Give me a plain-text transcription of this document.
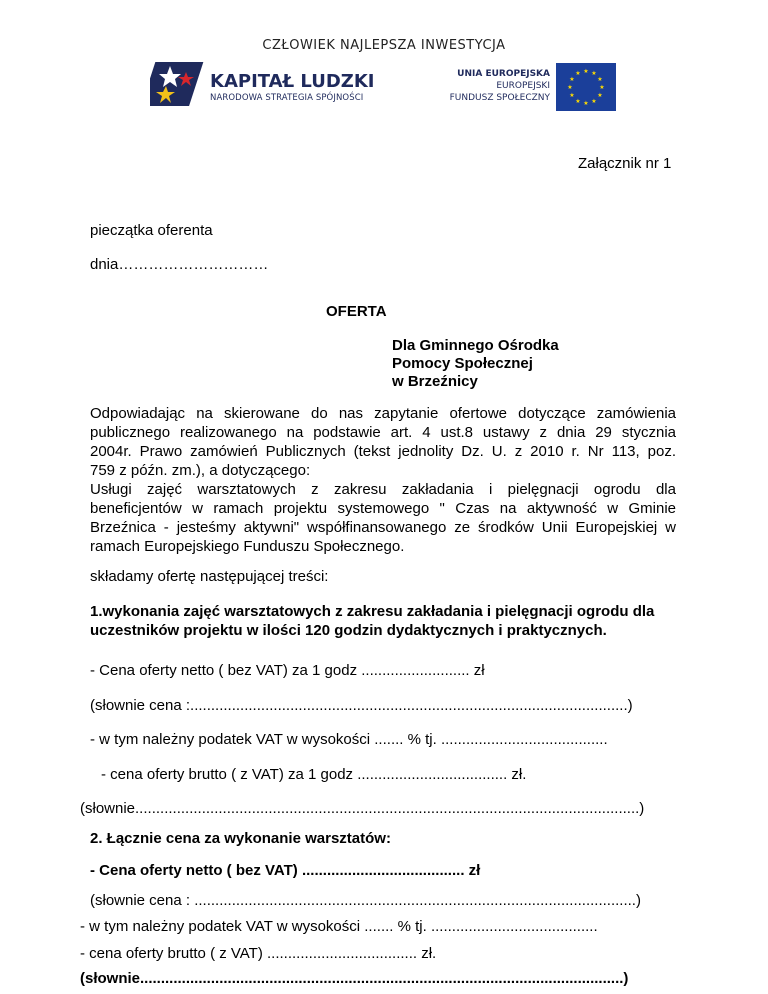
CZŁOWIEK NAJLEPSZA INWESTYCJA
KAPITAŁ LUDZKI
NARODOWA STRATEGIA SPÓJNOŚCI
UNIA EUROPEJSKA
EUROPEJSKI
FUNDUSZ SPOŁECZNY
★ ★
★
★
★
★
★
★
★
★
★
★
Załącznik nr 1
pieczątka oferenta
dnia…………………………
OFERTA
Dla Gminnego Ośrodka
Pomocy Społecznej
w Brzeźnicy
Odpowiadając na skierowane do nas zapytanie ofertowe dotyczące zamówienia
publicznego realizowanego na podstawie art. 4 ust.8 ustawy z dnia 29 stycznia
2004r. Prawo zamówień Publicznych (tekst jednolity Dz. U. z 2010 r. Nr 113, poz.
759 z późn. zm.), a dotyczącego:
Usługi zajęć warsztatowych z zakresu zakładania i pielęgnacji ogrodu dla
beneficjentów w ramach projektu systemowego " Czas na aktywność w Gminie
Brzeźnica - jesteśmy aktywni" współfinansowanego ze środków Unii Europejskiej w
ramach Europejskiego Funduszu Społecznego.
składamy ofertę następującej treści:
1.wykonania zajęć warsztatowych z zakresu zakładania i pielęgnacji ogrodu dla
uczestników projektu w ilości 120 godzin dydaktycznych i praktycznych.
- Cena oferty netto ( bez VAT) za 1 godz .......................... zł
(słownie cena :.........................................................................................................)
- w tym należny podatek VAT w wysokości ....... % tj. ........................................
- cena oferty brutto ( z VAT) za 1 godz .................................... zł.
(słownie.........................................................................................................................)
2. Łącznie cena za wykonanie warsztatów:
- Cena oferty netto ( bez VAT) ....................................... zł
(słownie cena : ..........................................................................................................)
- w tym należny podatek VAT w wysokości ....... % tj. ........................................
- cena oferty brutto ( z VAT) .................................... zł.
(słownie....................................................................................................................)
